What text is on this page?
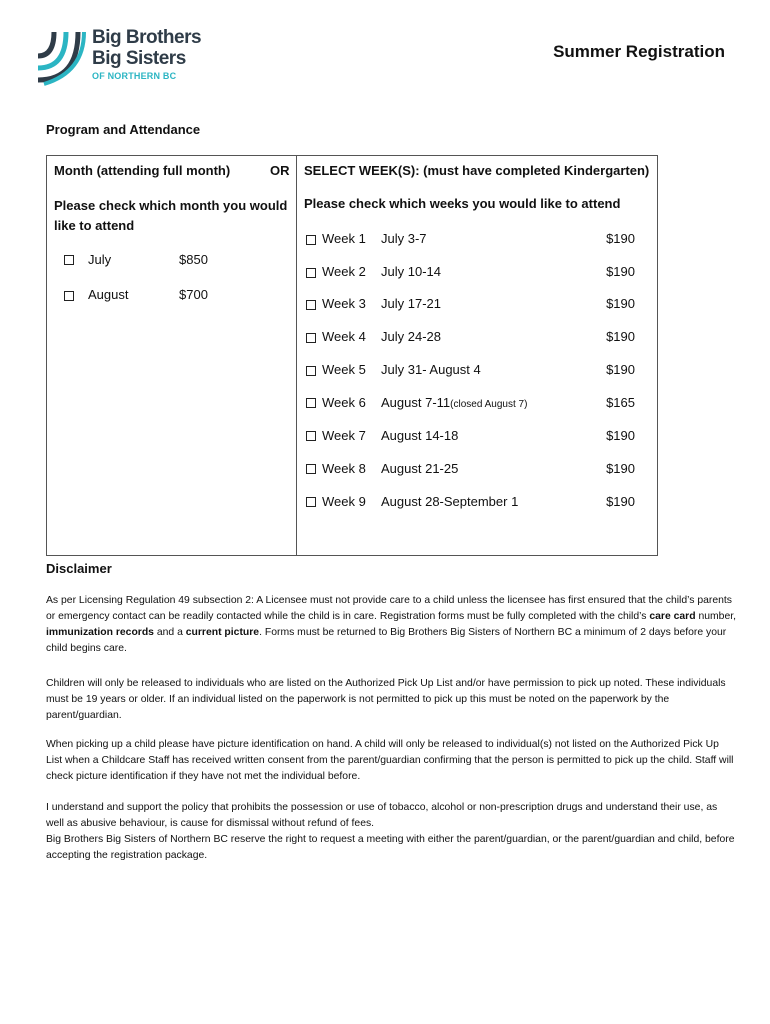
Big Brothers
Big Sisters
OF NORTHERN BC
Summer Registration
Program and Attendance
Month (attending full month)	OR SELECT WEEK(S): (must have completed Kindergarten)
Please check which month you would like to attend
Please check which weeks you would like to attend
July	$850
August	$700
Week 1 July 3-7	$190
Week 2 July 10-14	$190
Week 3 July 17-21	$190
Week 4 July 24-28	$190
Week 5 July 31- August 4	$190
Week 6 August 7-11(closed August 7)	$165
Week 7 August 14-18	$190
Week 8 August 21-25	$190
Week 9 August 28-September 1	$190
Disclaimer
As per Licensing Regulation 49 subsection 2: A Licensee must not provide care to a child unless the licensee has first ensured that the child’s parents or emergency contact can be readily contacted while the child is in care. Registration forms must be fully completed with the child’s care card number, immunization records and a current picture. Forms must be returned to Big Brothers Big Sisters of Northern BC a minimum of 2 days before your child begins care.
Children will only be released to individuals who are listed on the Authorized Pick Up List and/or have permission to pick up noted. These individuals must be 19 years or older. If an individual listed on the paperwork is not permitted to pick up this must be noted on the paperwork by the parent/guardian.
When picking up a child please have picture identification on hand. A child will only be released to individual(s) not listed on the Authorized Pick Up List when a Childcare Staff has received written consent from the parent/guardian confirming that the person is permitted to pick up the child. Staff will check picture identification if they have not met the individual before.
I understand and support the policy that prohibits the possession or use of tobacco, alcohol or non-prescription drugs and understand their use, as well as abusive behaviour, is cause for dismissal without refund of fees.
Big Brothers Big Sisters of Northern BC reserve the right to request a meeting with either the parent/guardian, or the parent/guardian and child, before accepting the registration package.
